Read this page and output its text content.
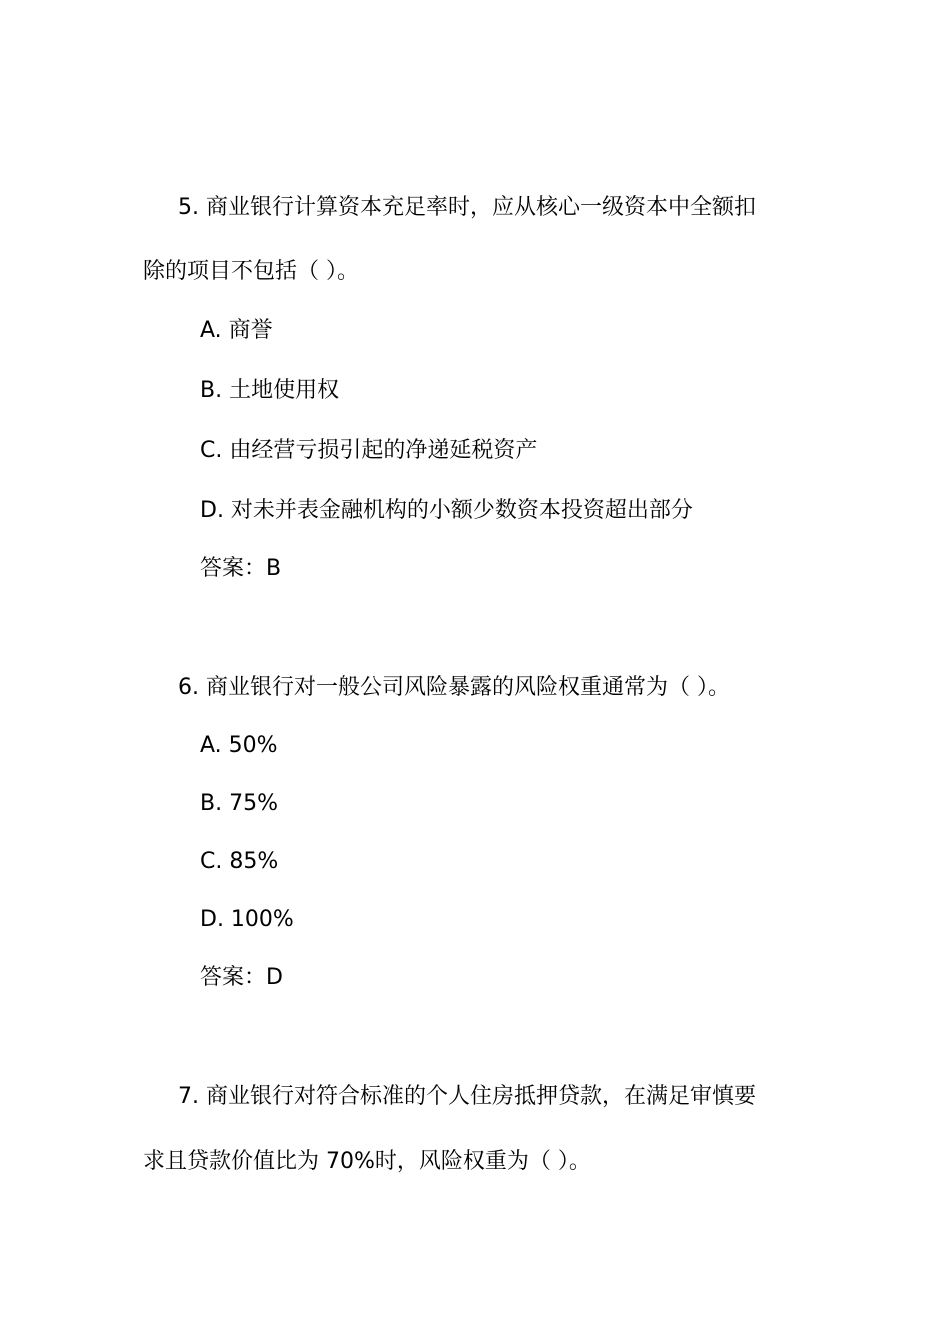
5. 商业银行计算资本充足率时，应从核心一级资本中全额扣
除的项目不包括（ ）。
A. 商誉
B. 土地使用权
C. 由经营亏损引起的净递延税资产
D. 对未并表金融机构的小额少数资本投资超出部分
答案：B
6. 商业银行对一般公司风险暴露的风险权重通常为（ ）。
A. 50%
B. 75%
C. 85%
D. 100%
答案：D
7. 商业银行对符合标准的个人住房抵押贷款，在满足审慎要
求且贷款价值比为 70%时，风险权重为（ ）。
